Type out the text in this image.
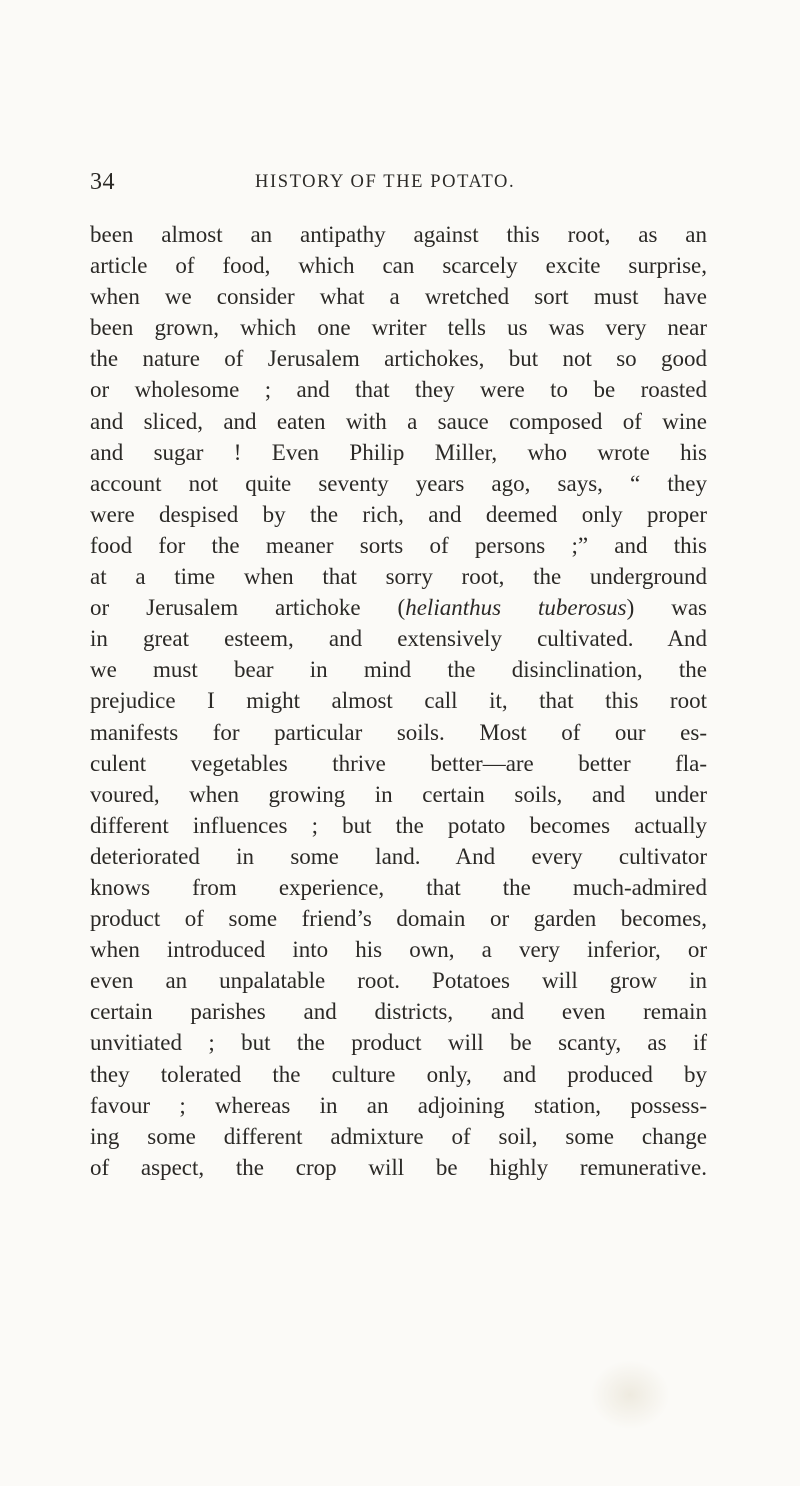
34	HISTORY OF THE POTATO.
been almost an antipathy against this root, as an
article of food, which can scarcely excite surprise,
when we consider what a wretched sort must have
been grown, which one writer tells us was very near
the nature of Jerusalem artichokes, but not so good
or wholesome ; and that they were to be roasted
and sliced, and eaten with a sauce composed of wine
and sugar ! Even Philip Miller, who wrote his
account not quite seventy years ago, says, “ they
were despised by the rich, and deemed only proper
food for the meaner sorts of persons ;” and this
at a time when that sorry root, the underground
or Jerusalem artichoke (helianthus tuberosus) was
in great esteem, and extensively cultivated. And
we must bear in mind the disinclination, the
prejudice I might almost call it, that this root
manifests for particular soils. Most of our es-
culent vegetables thrive better—are better fla-
voured, when growing in certain soils, and under
different influences ; but the potato becomes actually
deteriorated in some land. And every cultivator
knows from experience, that the much-admired
product of some friend’s domain or garden becomes,
when introduced into his own, a very inferior, or
even an unpalatable root. Potatoes will grow in
certain parishes and districts, and even remain
unvitiated ; but the product will be scanty, as if
they tolerated the culture only, and produced by
favour ; whereas in an adjoining station, possess-
ing some different admixture of soil, some change
of aspect, the crop will be highly remunerative.
